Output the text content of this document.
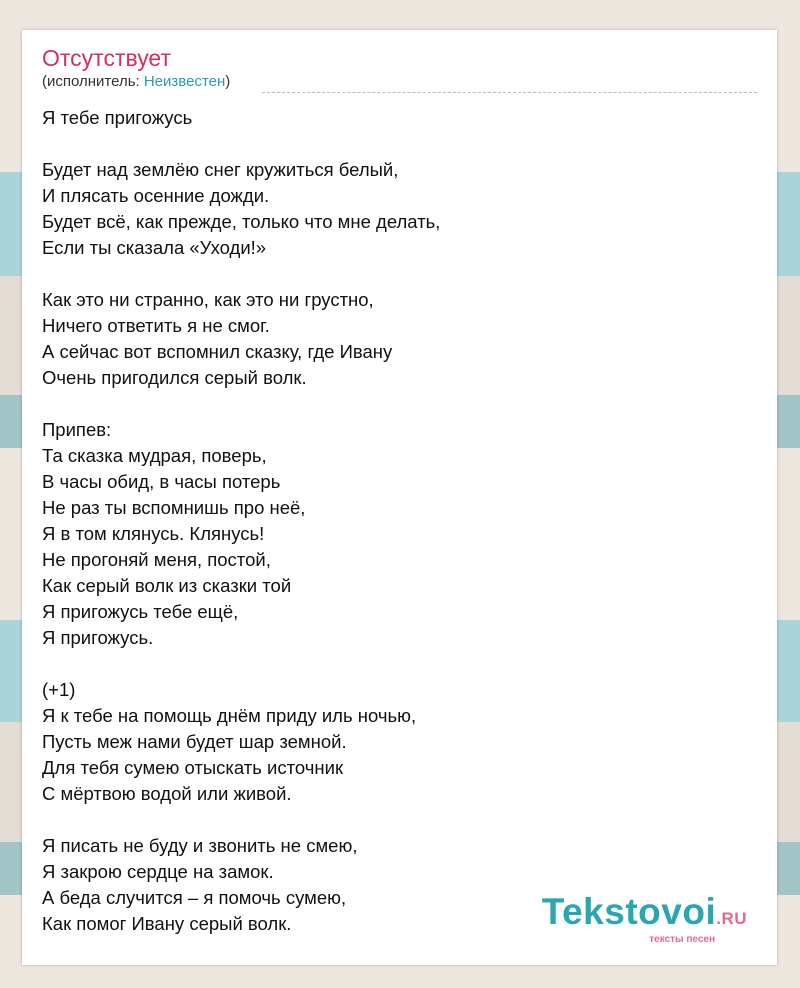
Отсутствует
(исполнитель: Неизвестен)
Я тебе пригожусь
Будет над землёю снег кружиться белый,
И плясать осенние дожди.
Будет всё, как прежде, только что мне делать,
Если ты сказала «Уходи!»
Как это ни странно, как это ни грустно,
Ничего ответить я не смог.
А сейчас вот вспомнил сказку, где Ивану
Очень пригодился серый волк.
Припев:
Та сказка мудрая, поверь,
В часы обид, в часы потерь
Не раз ты вспомнишь про неё,
Я в том клянусь. Клянусь!
Не прогоняй меня, постой,
Как серый волк из сказки той
Я пригожусь тебе ещё,
Я пригожусь.
(+1)
Я к тебе на помощь днём приду иль ночью,
Пусть меж нами будет шар земной.
Для тебя сумею отыскать источник
С мёртвою водой или живой.
Я писать не буду и звонить не смею,
Я закрою сердце на замок.
А беда случится – я помочь сумею,
Как помог Ивану серый волк.	Tekstovoi.RU
тексты песен
